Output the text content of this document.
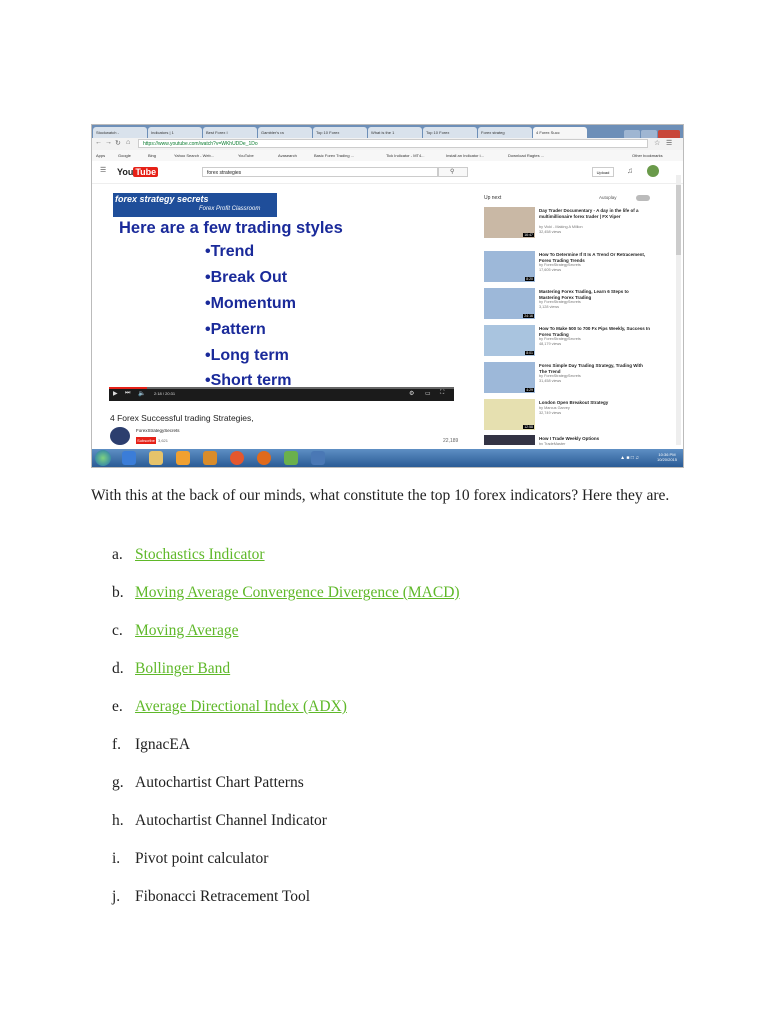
Stockwatch -	Indicators | 1	Best Forex I	Gambler's ra	Top 10 Forex	What is the 1	Top 10 Forex	Forex strateg	4 Forex Succ
← → ↻ ⌂	https://www.youtube.com/watch?v=WKhUDDe_1Do	☆ ☰
Apps	Google	Bing	Yahoo Search - Web...	YouTube	Avasearch	Basic Forex Trading ...	Tick Indicator - MT4...	Install an Indicator i...	Download Ragtes ...	Other bookmarks
☰ You Tube	forex strategies	⚲	Upload	♫
forex strategy secrets
Forex Profit Classroom
Here are a few trading styles
•Trend
•Break Out
•Momentum
•Pattern
•Long term
•Short term
▶ ⏭ 🔈 2:18 / 20:31	⚙ ▭ ⛶
4 Forex Successful trading Strategies,
ForexStrategySecrets
Subscribe 3,621	22,189
Up next	Autoplay
16:47
Day Trader Documentary - A day in the life of a multimillionaire forex trader | FX Viper
by Vicki - Making A Million
32,458 views
8:20
How To Determine If It Is A Trend Or Retracement, Forex Trading Trends
by ForexStrategySecrets
17,605 views
24:16
Mastering Forex Trading, Learn 6 Steps to Mastering Forex Trading
by ForexStrategySecrets
3,128 views
8:01
How To Make 500 to 700 Fx Pips Weekly, Success In Forex Trading
by ForexStrategySecrets
48,179 views
4:29
Forex Simple Day Trading Strategy, Trading With The Trend
by ForexStrategySecrets
31,458 views
12:58
London Open Breakout Strategy
by Marcus Garvey
32,749 views
How I Trade Weekly Options
by TradeMaster
▲ ■ □ ♫
10:36 PM
10/20/2015
With this at the back of our minds, what constitute the top 10 forex indicators? Here they are.
a. Stochastics Indicator
b. Moving Average Convergence Divergence (MACD)
c. Moving Average
d. Bollinger Band
e. Average Directional Index (ADX)
f. IgnacEA
g. Autochartist Chart Patterns
h. Autochartist Channel Indicator
i. Pivot point calculator
j. Fibonacci Retracement Tool
